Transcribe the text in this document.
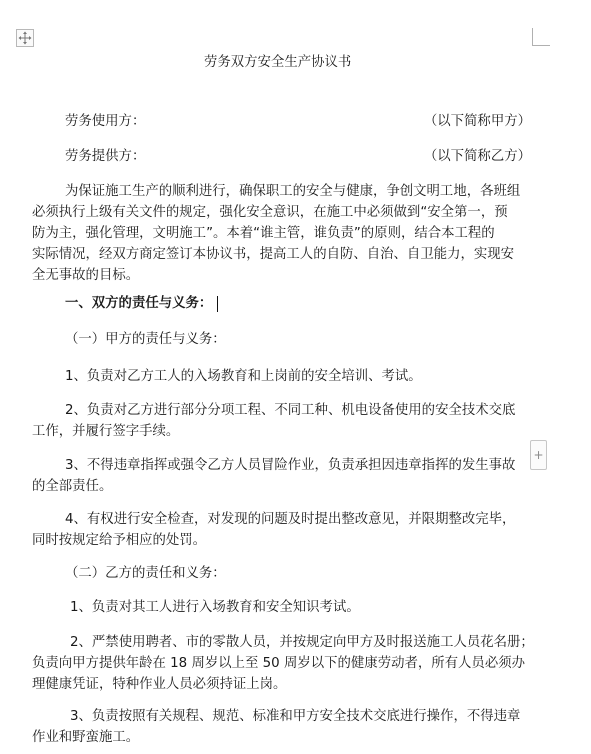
劳务双方安全生产协议书
劳务使用方：	（以下简称甲方）
劳务提供方：	（以下简称乙方）
为保证施工生产的顺利进行，确保职工的安全与健康，争创文明工地，各班组
必须执行上级有关文件的规定，强化安全意识，在施工中必须做到“安全第一，预
防为主，强化管理，文明施工”。本着“谁主管，谁负责”的原则，结合本工程的
实际情况，经双方商定签订本协议书，提高工人的自防、自治、自卫能力，实现安
全无事故的目标。
一、双方的责任与义务：
（一）甲方的责任与义务：
1、负责对乙方工人的入场教育和上岗前的安全培训、考试。
2、负责对乙方进行部分分项工程、不同工种、机电设备使用的安全技术交底
工作，并履行签字手续。
3、不得违章指挥或强令乙方人员冒险作业，负责承担因违章指挥的发生事故
的全部责任。
4、有权进行安全检查，对发现的问题及时提出整改意见，并限期整改完毕，
同时按规定给予相应的处罚。
（二）乙方的责任和义务：
1、负责对其工人进行入场教育和安全知识考试。
2、严禁使用聘者、市的零散人员，并按规定向甲方及时报送施工人员花名册；
负责向甲方提供年龄在 18 周岁以上至 50 周岁以下的健康劳动者，所有人员必须办
理健康凭证，特种作业人员必须持证上岗。
3、负责按照有关规程、规范、标准和甲方安全技术交底进行操作，不得违章
作业和野蛮施工。
+
